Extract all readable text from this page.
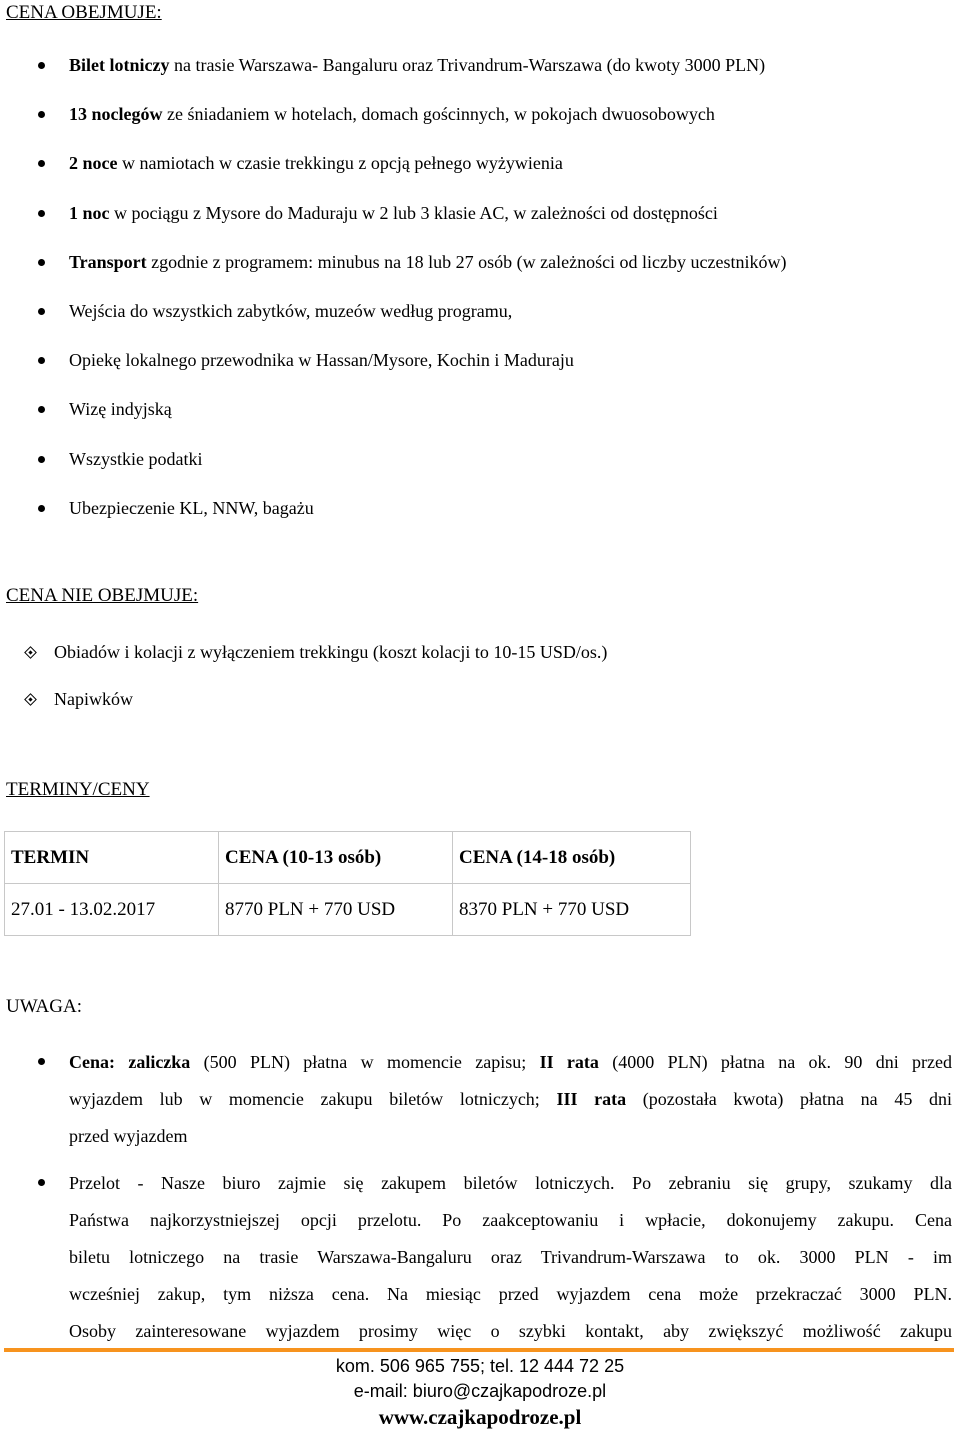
CENA OBEJMUJE:
Bilet lotniczy na trasie Warszawa- Bangaluru oraz Trivandrum-Warszawa (do kwoty 3000 PLN)
13 noclegów ze śniadaniem w hotelach, domach gościnnych, w pokojach dwuosobowych
2 noce w namiotach w czasie trekkingu z opcją pełnego wyżywienia
1 noc w pociągu z Mysore do Maduraju w 2 lub 3 klasie AC, w zależności od dostępności
Transport zgodnie z programem: minubus na 18 lub 27 osób (w zależności od liczby uczestników)
Wejścia do wszystkich zabytków, muzeów według programu,
Opiekę lokalnego przewodnika w Hassan/Mysore, Kochin i Maduraju
Wizę indyjską
Wszystkie podatki
Ubezpieczenie KL, NNW, bagażu
CENA NIE OBEJMUJE:
Obiadów i kolacji z wyłączeniem trekkingu (koszt kolacji to 10-15 USD/os.)
Napiwków
TERMINY/CENY
TERMIN	CENA (10-13 osób)	CENA (14-18 osób)
27.01 - 13.02.2017	8770 PLN + 770 USD	8370 PLN + 770 USD
UWAGA:
Cena: zaliczka (500 PLN) płatna w momencie zapisu; II rata (4000 PLN) płatna na ok. 90 dni przed
wyjazdem lub w momencie zakupu biletów lotniczych; III rata (pozostała kwota) płatna na 45 dni
przed wyjazdem
Przelot - Nasze biuro zajmie się zakupem biletów lotniczych. Po zebraniu się grupy, szukamy dla
Państwa najkorzystniejszej opcji przelotu. Po zaakceptowaniu i wpłacie, dokonujemy zakupu. Cena
biletu lotniczego na trasie Warszawa-Bangaluru oraz Trivandrum-Warszawa to ok. 3000 PLN - im
wcześniej zakup, tym niższa cena. Na miesiąc przed wyjazdem cena może przekraczać 3000 PLN.
Osoby zainteresowane wyjazdem prosimy więc o szybki kontakt, aby zwiększyć możliwość zakupu
kom. 506 965 755; tel. 12 444 72 25
e-mail: biuro@czajkapodroze.pl
www.czajkapodroze.pl
